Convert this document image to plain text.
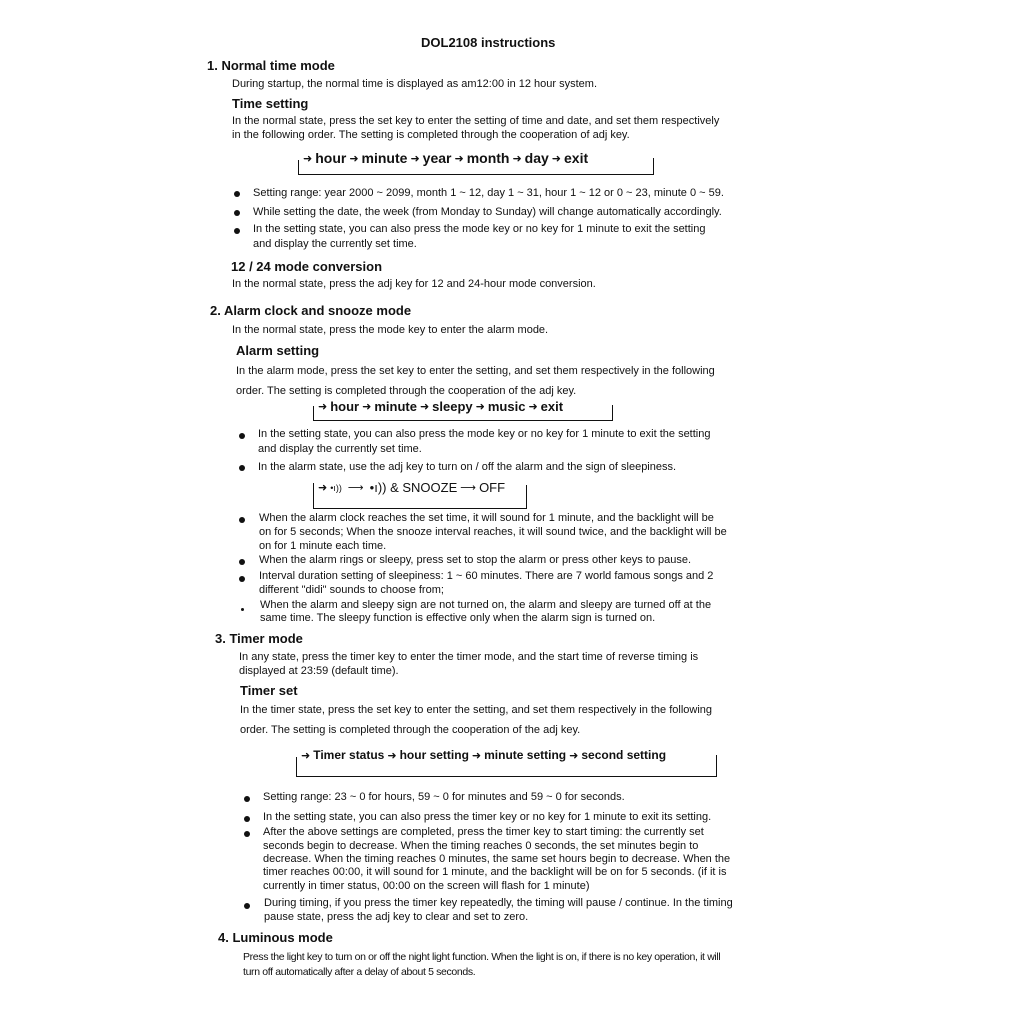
DOL2108 instructions
1. Normal time mode
During startup, the normal time is displayed as am12:00 in 12 hour system.
Time setting
In the normal state, press the set key to enter the setting of time and date, and set them respectively
in the following order. The setting is completed through the cooperation of adj key.
➜ hour ➜ minute ➜ year ➜ month ➜ day ➜ exit
Setting range: year 2000 ~ 2099, month 1 ~ 12, day 1 ~ 31, hour 1 ~ 12 or 0 ~ 23, minute 0 ~ 59.
While setting the date, the week (from Monday to Sunday) will change automatically accordingly.
In the setting state, you can also press the mode key or no key for 1 minute to exit the setting
and display the currently set time.
12 / 24 mode conversion
In the normal state, press the adj key for 12 and 24-hour mode conversion.
2. Alarm clock and snooze mode
In the normal state, press the mode key to enter the alarm mode.
Alarm setting
In the alarm mode, press the set key to enter the setting, and set them respectively in the following
order. The setting is completed through the cooperation of the adj key.
➜ hour ➜ minute ➜ sleepy ➜ music ➜ exit
In the setting state, you can also press the mode key or no key for 1 minute to exit the setting
and display the currently set time.
In the alarm state, use the adj key to turn on / off the alarm and the sign of sleepiness.
➜ •ı)) ⟶ •ı)) & SNOOZE ⟶ OFF
When the alarm clock reaches the set time, it will sound for 1 minute, and the backlight will be
on for 5 seconds; When the snooze interval reaches, it will sound twice, and the backlight will be
on for 1 minute each time.
When the alarm rings or sleepy, press set to stop the alarm or press other keys to pause.
Interval duration setting of sleepiness: 1 ~ 60 minutes. There are 7 world famous songs and 2
different "didi" sounds to choose from;
When the alarm and sleepy sign are not turned on, the alarm and sleepy are turned off at the
same time. The sleepy function is effective only when the alarm sign is turned on.
3. Timer mode
In any state, press the timer key to enter the timer mode, and the start time of reverse timing is
displayed at 23:59 (default time).
Timer set
In the timer state, press the set key to enter the setting, and set them respectively in the following
order. The setting is completed through the cooperation of the adj key.
➜ Timer status ➜ hour setting ➜ minute setting ➜ second setting
Setting range: 23 ~ 0 for hours, 59 ~ 0 for minutes and 59 ~ 0 for seconds.
In the setting state, you can also press the timer key or no key for 1 minute to exit its setting.
After the above settings are completed, press the timer key to start timing: the currently set
seconds begin to decrease. When the timing reaches 0 seconds, the set minutes begin to
decrease. When the timing reaches 0 minutes, the same set hours begin to decrease. When the
timer reaches 00:00, it will sound for 1 minute, and the backlight will be on for 5 seconds. (if it is
currently in timer status, 00:00 on the screen will flash for 1 minute)
During timing, if you press the timer key repeatedly, the timing will pause / continue. In the timing
pause state, press the adj key to clear and set to zero.
4. Luminous mode
Press the light key to turn on or off the night light function. When the light is on, if there is no key operation, it will
turn off automatically after a delay of about 5 seconds.
